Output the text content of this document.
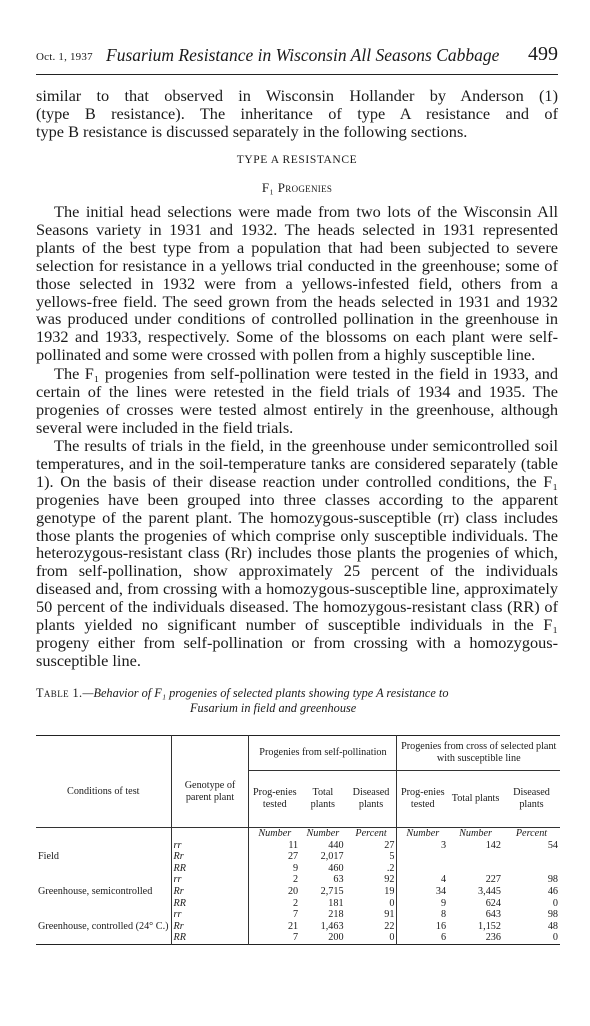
Oct. 1, 1937 Fusarium Resistance in Wisconsin All Seasons Cabbage 499
similar to that observed in Wisconsin Hollander by Anderson (1)
(type B resistance). The inheritance of type A resistance and of
type B resistance is discussed separately in the following sections.
TYPE A RESISTANCE
F₁ Progenies

The initial head selections were made from two lots of the Wisconsin All Seasons variety in 1931 and 1932. The heads selected in 1931 represented plants of the best type from a population that had been subjected to severe selection for resistance in a yellows trial conducted in the greenhouse; some of those selected in 1932 were from a yellows-infested field, others from a yellows-free field. The seed grown from the heads selected in 1931 and 1932 was produced under conditions of controlled pollination in the greenhouse in 1932 and 1933, respectively. Some of the blossoms on each plant were self-pollinated and some were crossed with pollen from a highly susceptible line.

The F₁ progenies from self-pollination were tested in the field in 1933, and certain of the lines were retested in the field trials of 1934 and 1935. The progenies of crosses were tested almost entirely in the greenhouse, although several were included in the field trials.

The results of trials in the field, in the greenhouse under semicontrolled soil temperatures, and in the soil-temperature tanks are considered separately (table 1). On the basis of their disease reaction under controlled conditions, the F₁ progenies have been grouped into three classes according to the apparent genotype of the parent plant. The homozygous-susceptible (rr) class includes those plants the progenies of which comprise only susceptible individuals. The heterozygous-resistant class (Rr) includes those plants the progenies of which, from self-pollination, show approximately 25 percent of the individuals diseased and, from crossing with a homozygous-susceptible line, approximately 50 percent of the individuals diseased. The homozygous-resistant class (RR) of plants yielded no significant number of susceptible individuals in the F₁ progeny either from self-pollination or from crossing with a homozygous-susceptible line.

Table 1.—Behavior of F₁ progenies of selected plants showing type A resistance to
Fusarium in field and greenhouse
Conditions of test	Genotype of parent plant	Progenies from self-pollination			Progenies from cross of selected plant with susceptible line		
		Prog-enies tested	Total plants	Diseased plants	Prog-enies tested	Total plants	Diseased plants
		Number	Number	Percent	Number	Number	Percent
Field	rr	11	440	27	3	142	54
	Rr	27	2,017	5			
	RR	9	460	.2			
Greenhouse, semicontrolled	rr	2	63	92	4	227	98
	Rr	20	2,715	19	34	3,445	46
	RR	2	181	0	9	624	0
Greenhouse, controlled (24° C.)	rr	7	218	91	8	643	98
	Rr	21	1,463	22	16	1,152	48
	RR	7	200	0	6	236	0
